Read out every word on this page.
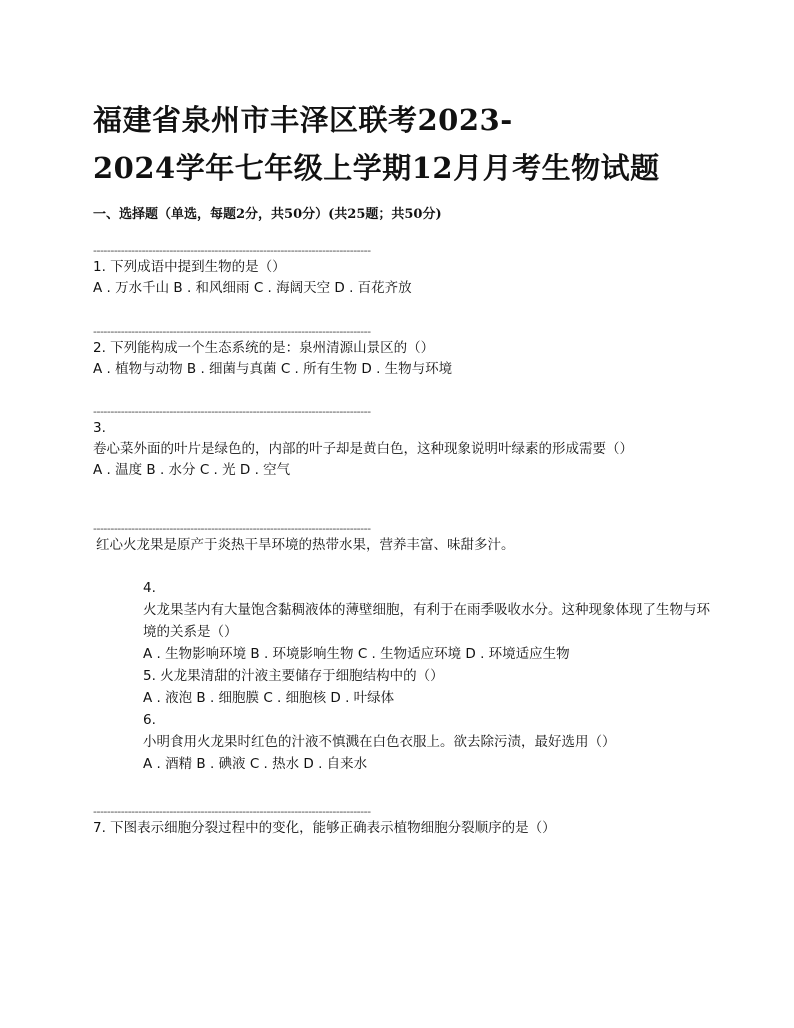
福建省泉州市丰泽区联考2023-
2024学年七年级上学期12月月考生物试题
一、选择题（单选，每题2分，共50分）(共25题；共50分)
--------------------------------------------------------------------------------
1. 下列成语中提到生物的是（）
A . 万水千山 B . 和风细雨 C . 海阔天空 D . 百花齐放
--------------------------------------------------------------------------------
2. 下列能构成一个生态系统的是：泉州清源山景区的（）
A . 植物与动物 B . 细菌与真菌 C . 所有生物 D . 生物与环境
--------------------------------------------------------------------------------
3.
卷心菜外面的叶片是绿色的，内部的叶子却是黄白色，这种现象说明叶绿素的形成需要（）
A . 温度 B . 水分 C . 光 D . 空气
--------------------------------------------------------------------------------
红心火龙果是原产于炎热干旱环境的热带水果，营养丰富、味甜多汁。
4.
火龙果茎内有大量饱含黏稠液体的薄壁细胞，有利于在雨季吸收水分。这种现象体现了生物与环境的关系是（）
A . 生物影响环境 B . 环境影响生物 C . 生物适应环境 D . 环境适应生物
5. 火龙果清甜的汁液主要储存于细胞结构中的（）
A . 液泡 B . 细胞膜 C . 细胞核 D . 叶绿体
6.
小明食用火龙果时红色的汁液不慎溅在白色衣服上。欲去除污渍，最好选用（）
A . 酒精 B . 碘液 C . 热水 D . 自来水
--------------------------------------------------------------------------------
7. 下图表示细胞分裂过程中的变化，能够正确表示植物细胞分裂顺序的是（）
